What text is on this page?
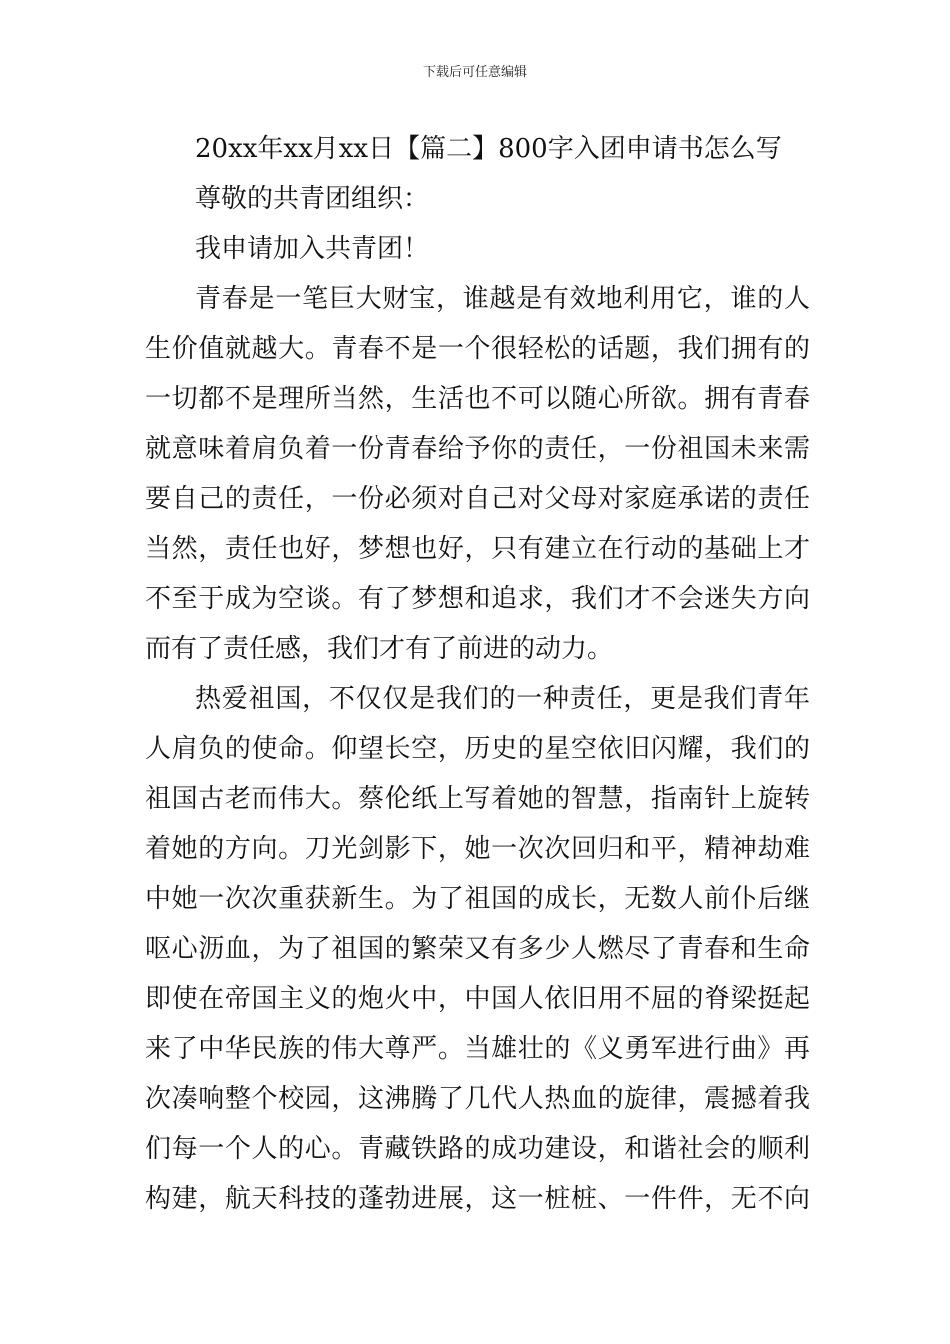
下载后可任意编辑
20xx年xx月xx日【篇二】800字入团申请书怎么写
尊敬的共青团组织：
我申请加入共青团！
青春是一笔巨大财宝，谁越是有效地利用它，谁的人
生价值就越大。青春不是一个很轻松的话题，我们拥有的
一切都不是理所当然，生活也不可以随心所欲。拥有青春
就意味着肩负着一份青春给予你的责任，一份祖国未来需
要自己的责任，一份必须对自己对父母对家庭承诺的责任
当然，责任也好，梦想也好，只有建立在行动的基础上才
不至于成为空谈。有了梦想和追求，我们才不会迷失方向
而有了责任感，我们才有了前进的动力。
热爱祖国，不仅仅是我们的一种责任，更是我们青年
人肩负的使命。仰望长空，历史的星空依旧闪耀，我们的
祖国古老而伟大。蔡伦纸上写着她的智慧，指南针上旋转
着她的方向。刀光剑影下，她一次次回归和平，精神劫难
中她一次次重获新生。为了祖国的成长，无数人前仆后继
呕心沥血，为了祖国的繁荣又有多少人燃尽了青春和生命
即使在帝国主义的炮火中，中国人依旧用不屈的脊梁挺起
来了中华民族的伟大尊严。当雄壮的《义勇军进行曲》再
次凑响整个校园，这沸腾了几代人热血的旋律，震撼着我
们每一个人的心。青藏铁路的成功建设，和谐社会的顺利
构建，航天科技的蓬勃进展，这一桩桩、一件件，无不向
